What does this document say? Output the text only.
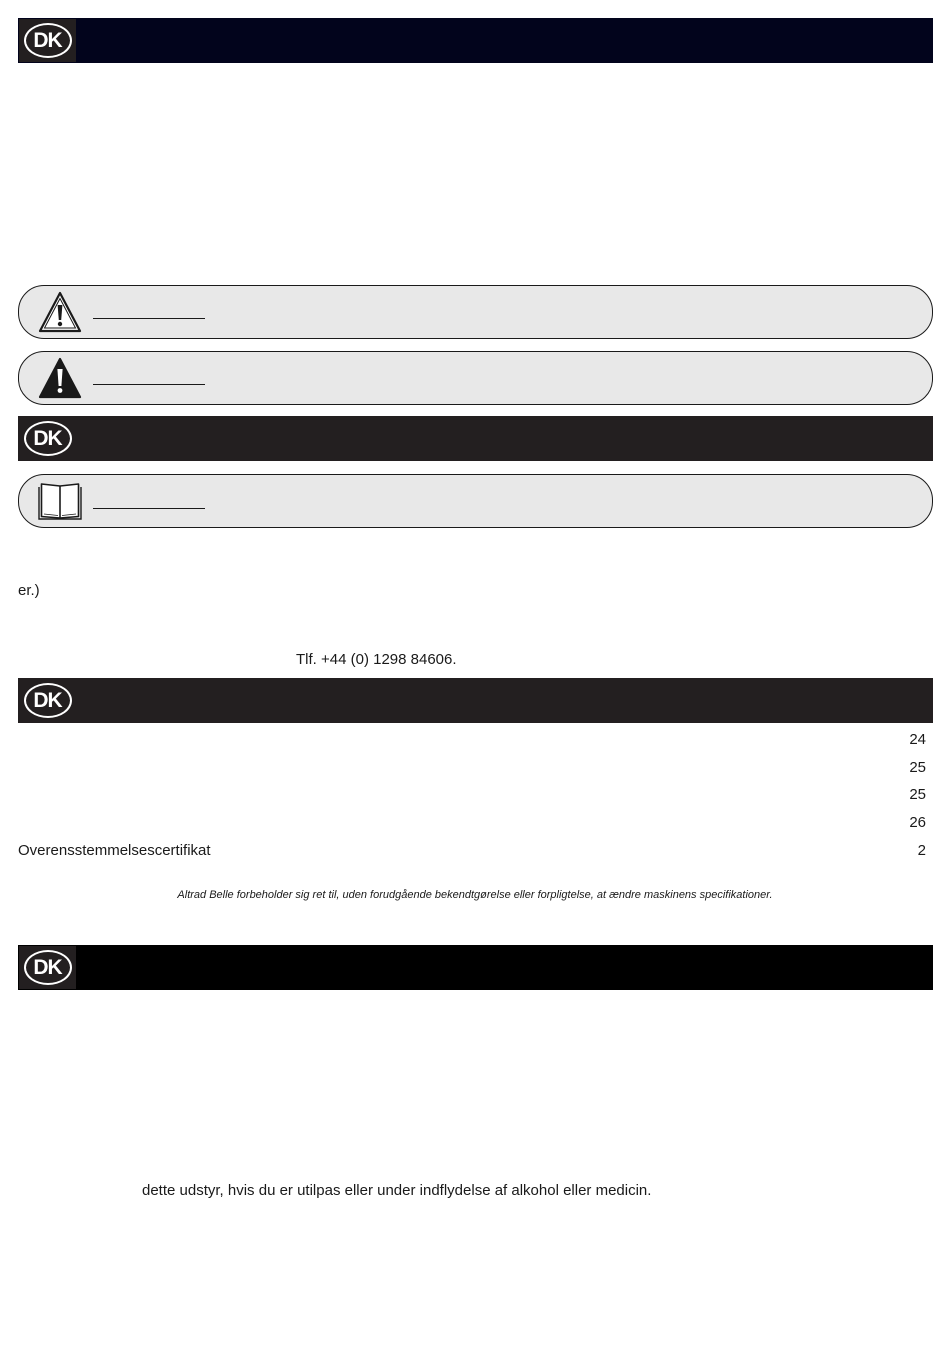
DK
DK
er.)
Tlf. +44 (0) 1298 84606.
DK
24
25
25
26
Overensstemmelsescertifikat	2
Altrad Belle forbeholder sig ret til, uden forudgående bekendtgørelse eller forpligtelse, at ændre maskinens specifikationer.
DK
dette udstyr, hvis du er utilpas eller under indflydelse af alkohol eller medicin.
